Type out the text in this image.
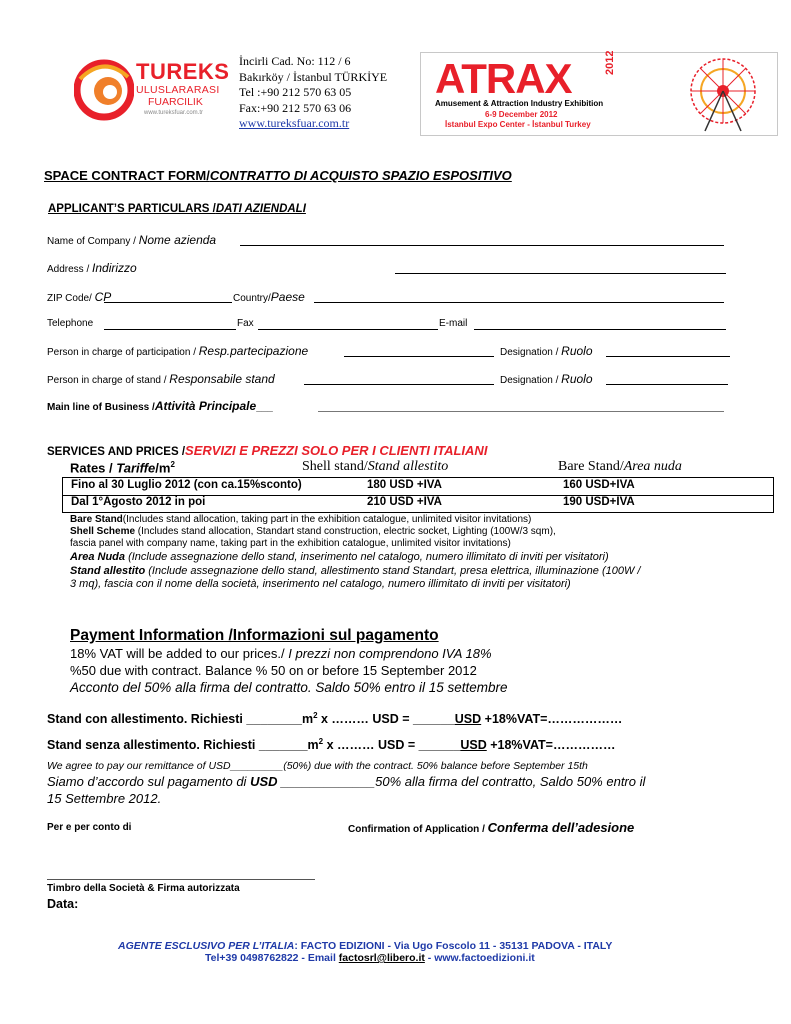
TUREKS
ULUSLARARASI
FUARCILIK
www.tureksfuar.com.tr
İncirli Cad. No: 112 / 6
Bakırköy / İstanbul TÜRKİYE
Tel :+90 212 570 63 05
Fax:+90 212 570 63 06
www.tureksfuar.com.tr
ATRAX	2012
Amusement & Attraction Industry Exhibition
6-9 December 2012
İstanbul Expo Center - İstanbul Turkey
SPACE CONTRACT FORM/CONTRATTO DI ACQUISTO SPAZIO ESPOSITIVO
APPLICANT’S PARTICULARS /DATI AZIENDALI
Name of Company / Nome azienda
Address / Indirizzo
ZIP Code/ CP	Country/Paese
Telephone	Fax	E-mail
Person in charge of participation / Resp.partecipazione	Designation / Ruolo
Person in charge of stand / Responsabile stand	Designation / Ruolo
Main line of Business /Attività Principale___
SERVICES AND PRICES /SERVIZI E PREZZI SOLO PER I CLIENTI ITALIANI
Rates / Tariffe/$m^2$	Shell stand/Stand allestito	Bare Stand/Area nuda
Fino al 30 Luglio 2012 (con ca.15%sconto)	180 USD +IVA	160 USD+IVA
Dal 1°Agosto 2012 in poi	210 USD +IVA	190 USD+IVA
Bare Stand(Includes stand allocation, taking part in the exhibition catalogue, unlimited visitor invitations)
Shell Scheme (Includes stand allocation, Standart stand construction, electric socket, Lighting (100W/3 sqm),
fascia panel with company name, taking part in the exhibition catalogue, unlimited visitor invitations)
Area Nuda (Include assegnazione dello stand, inserimento nel catalogo, numero illimitato di inviti per visitatori)
Stand allestito (Include assegnazione dello stand, allestimento stand Standart, presa elettrica, illuminazione (100W /
3 mq), fascia con il nome della società, inserimento nel catalogo, numero illimitato di inviti per visitatori)
Payment Information /Informazioni sul pagamento
18% VAT will be added to our prices./ I prezzi non comprendono IVA 18%
%50 due with contract. Balance % 50 on or before 15 September 2012
Acconto del 50% alla firma del contratto. Saldo 50% entro il 15 settembre
Stand con allestimento. Richiesti $\_\_\_\_\_\_\_\_m^2$ x ……… USD = ______USD +18%VAT=………………
Stand senza allestimento. Richiesti $\_\_\_\_\_\_\_m^2$ x ……… USD = ______USD +18%VAT=……………
We agree to pay our remittance of USD_________(50%) due with the contract. 50% balance before September 15th
Siamo d’accordo sul pagamento di USD _____________50% alla firma del contratto, Saldo 50% entro il
15 Settembre 2012.
Per e per conto di	Confirmation of Application / Conferma dell’adesione
Timbro della Società & Firma autorizzata
Data:
AGENTE ESCLUSIVO PER L’ITALIA: FACTO EDIZIONI - Via Ugo Foscolo 11 - 35131 PADOVA - ITALY
Tel+39 0498762822 - Email factosrl@libero.it - www.factoedizioni.it
